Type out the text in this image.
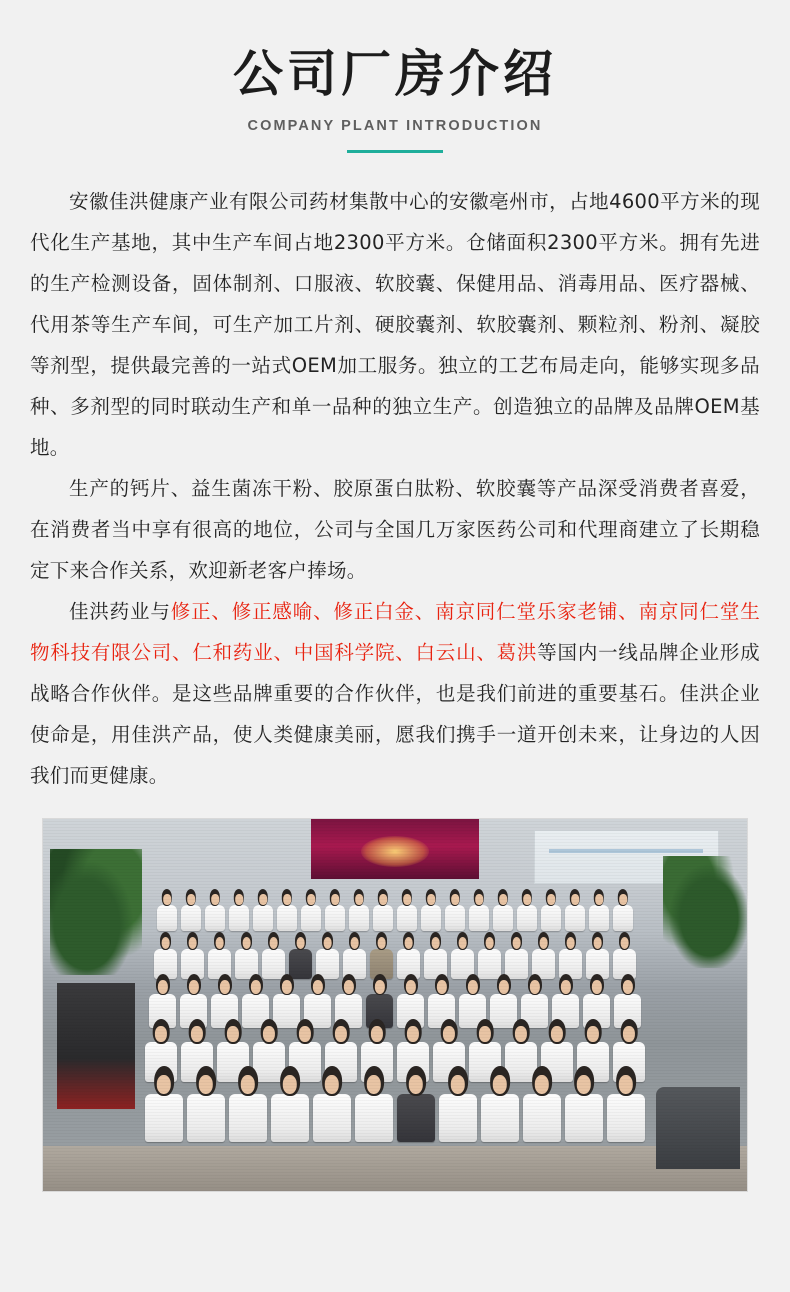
公司厂房介绍
COMPANY PLANT INTRODUCTION

安徽佳洪健康产业有限公司药材集散中心的安徽亳州市，占地4600平方米的现代化生产基地，其中生产车间占地2300平方米。仓储面积2300平方米。拥有先进的生产检测设备，固体制剂、口服液、软胶囊、保健用品、消毒用品、医疗器械、代用茶等生产车间，可生产加工片剂、硬胶囊剂、软胶囊剂、颗粒剂、粉剂、凝胶等剂型，提供最完善的一站式OEM加工服务。独立的工艺布局走向，能够实现多品种、多剂型的同时联动生产和单一品种的独立生产。创造独立的品牌及品牌OEM基地。

生产的钙片、益生菌冻干粉、胶原蛋白肽粉、软胶囊等产品深受消费者喜爱，在消费者当中享有很高的地位，公司与全国几万家医药公司和代理商建立了长期稳定下来合作关系，欢迎新老客户捧场。

佳洪药业与修正、修正感喻、修正白金、南京同仁堂乐家老铺、南京同仁堂生物科技有限公司、仁和药业、中国科学院、白云山、葛洪等国内一线品牌企业形成战略合作伙伴。是这些品牌重要的合作伙伴，也是我们前进的重要基石。佳洪企业使命是，用佳洪产品，使人类健康美丽，愿我们携手一道开创未来，让身边的人因我们而更健康。
